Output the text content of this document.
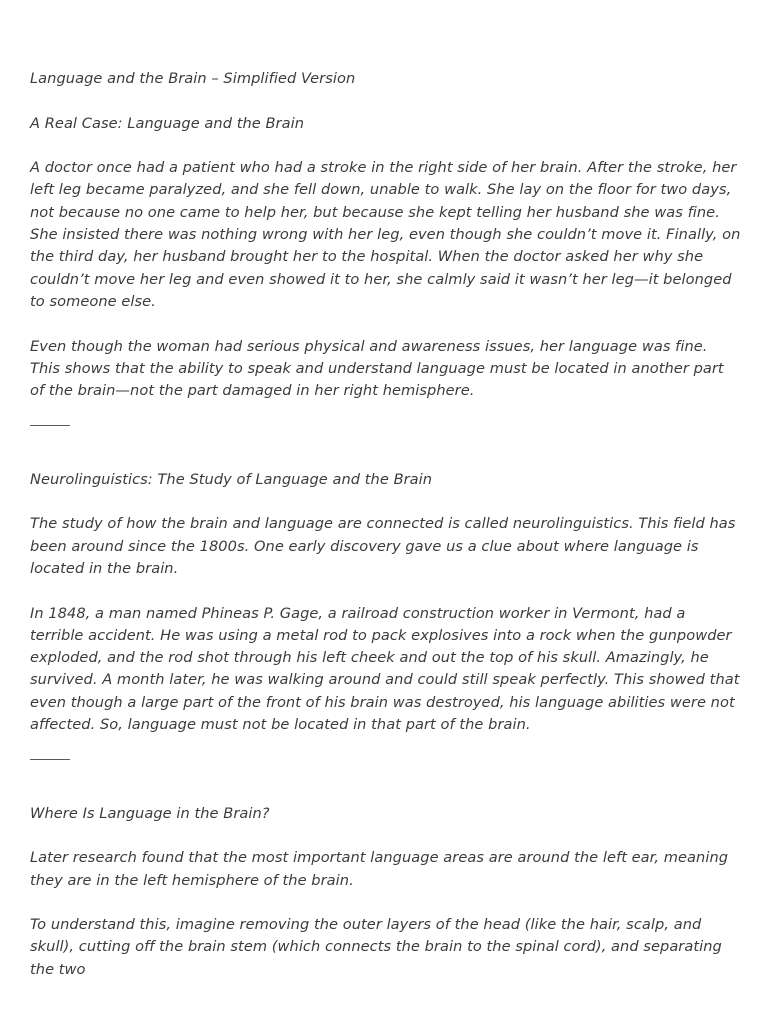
Language and the Brain – Simplified Version

A Real Case: Language and the Brain

A doctor once had a patient who had a stroke in the right side of her brain. After the stroke, her left leg became paralyzed, and she fell down, unable to walk. She lay on the floor for two days, not because no one came to help her, but because she kept telling her husband she was fine. She insisted there was nothing wrong with her leg, even though she couldn’t move it. Finally, on the third day, her husband brought her to the hospital. When the doctor asked her why she couldn’t move her leg and even showed it to her, she calmly said it wasn’t her leg—it belonged to someone else.

Even though the woman had serious physical and awareness issues, her language was fine. This shows that the ability to speak and understand language must be located in another part of the brain—not the part damaged in her right hemisphere.

Neurolinguistics: The Study of Language and the Brain

The study of how the brain and language are connected is called neurolinguistics. This field has been around since the 1800s. One early discovery gave us a clue about where language is located in the brain.

In 1848, a man named Phineas P. Gage, a railroad construction worker in Vermont, had a terrible accident. He was using a metal rod to pack explosives into a rock when the gunpowder exploded, and the rod shot through his left cheek and out the top of his skull. Amazingly, he survived. A month later, he was walking around and could still speak perfectly. This showed that even though a large part of the front of his brain was destroyed, his language abilities were not affected. So, language must not be located in that part of the brain.

Where Is Language in the Brain?

Later research found that the most important language areas are around the left ear, meaning they are in the left hemisphere of the brain.

To understand this, imagine removing the outer layers of the head (like the hair, scalp, and skull), cutting off the brain stem (which connects the brain to the spinal cord), and separating the two
